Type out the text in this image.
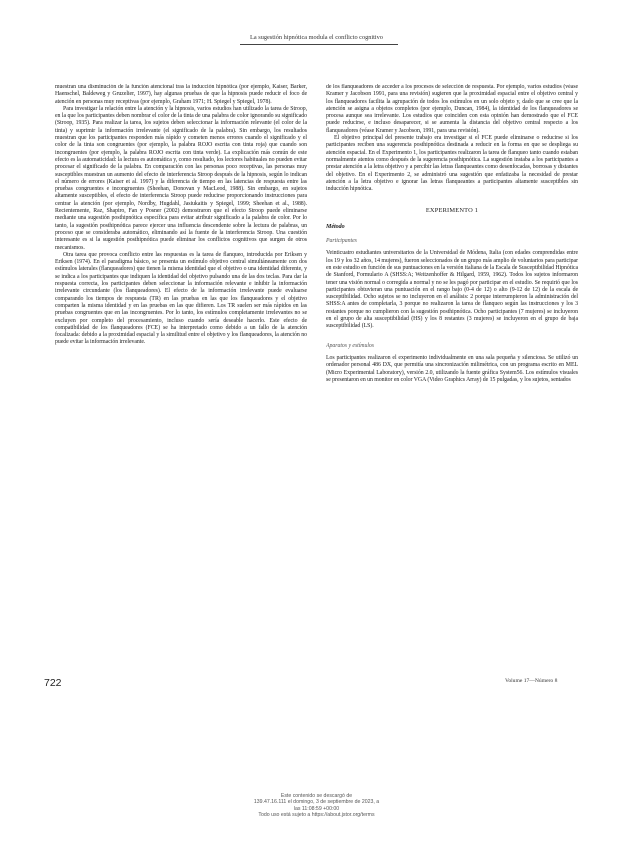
La sugestión hipnótica modula el conflicto cognitivo

muestran una disminución de la función atencional tras la inducción hipnótica (por ejemplo, Kaiser, Barker, Haenschel, Baldeweg y Gruzelier, 1997), hay algunas pruebas de que la hipnosis puede reducir el foco de atención en personas muy receptivas (por ejemplo, Graham 1971; H. Spiegel y Spiegel, 1978).

Para investigar la relación entre la atención y la hipnosis, varios estudios han utilizado la tarea de Stroop, en la que los participantes deben nombrar el color de la tinta de una palabra de color ignorando su significado (Stroop, 1935). Para realizar la tarea, los sujetos deben seleccionar la información relevante (el color de la tinta) y suprimir la información irrelevante (el significado de la palabra). Sin embargo, los resultados muestran que los participantes responden más rápido y cometen menos errores cuando el significado y el color de la tinta son congruentes (por ejemplo, la palabra ROJO escrita con tinta roja) que cuando son incongruentes (por ejemplo, la palabra ROJO escrita con tinta verde). La explicación más común de este efecto es la automaticidad: la lectura es automática y, como resultado, los lectores habituales no pueden evitar procesar el significado de la palabra. En comparación con las personas poco receptivas, las personas muy susceptibles muestran un aumento del efecto de interferencia Stroop después de la hipnosis, según lo indican el número de errores (Kaiser et al. 1997) y la diferencia de tiempo en las latencias de respuesta entre las pruebas congruentes e incongruentes (Sheehan, Donovan y MacLeod, 1988). Sin embargo, en sujetos altamente susceptibles, el efecto de interferencia Stroop puede reducirse proporcionando instrucciones para centrar la atención (por ejemplo, Nordby, Hugdahl, Jasiukaitis y Spiegel, 1999; Sheehan et al., 1988). Recientemente, Raz, Shapiro, Fan y Posner (2002) demostraron que el efecto Stroop puede eliminarse mediante una sugestión posthipnótica específica para evitar atribuir significado a la palabra de color. Por lo tanto, la sugestión posthipnótica parece ejercer una influencia descendente sobre la lectura de palabras, un proceso que se consideraba automático, eliminando así la fuente de la interferencia Stroop. Una cuestión interesante es si la sugestión posthipnótica puede eliminar los conflictos cognitivos que surgen de otros mecanismos.

Otra tarea que provoca conflicto entre las respuestas es la tarea de flanqueo, introducida por Eriksen y Eriksen (1974). En el paradigma básico, se presenta un estímulo objetivo central simultáneamente con dos estímulos laterales (flanqueadores) que tienen la misma identidad que el objetivo o una identidad diferente, y se indica a los participantes que indiquen la identidad del objetivo pulsando una de las dos teclas. Para dar la respuesta correcta, los participantes deben seleccionar la información relevante e inhibir la información irrelevante circundante (los flanqueadores). El efecto de la información irrelevante puede evaluarse comparando los tiempos de respuesta (TR) en las pruebas en las que los flanqueadores y el objetivo comparten la misma identidad y en las pruebas en las que difieren. Los TR suelen ser más rápidos en las pruebas congruentes que en las incongruentes. Por lo tanto, los estímulos completamente irrelevantes no se excluyen por completo del procesamiento, incluso cuando sería deseable hacerlo. Este efecto de compatibilidad de los flanqueadores (FCE) se ha interpretado como debido a un fallo de la atención focalizada: debido a la proximidad espacial y la similitud entre el objetivo y los flanqueadores, la atención no puede evitar la información irrelevante.

de los flanqueadores de acceder a los procesos de selección de respuesta. Por ejemplo, varios estudios (véase Kramer y Jacobson 1991, para una revisión) sugieren que la proximidad espacial entre el objetivo central y los flanqueadores facilita la agrupación de todos los estímulos en un solo objeto y, dado que se cree que la atención se asigna a objetos completos (por ejemplo, Duncan, 1984), la identidad de los flanqueadores se procesa aunque sea irrelevante. Los estudios que coinciden con esta opinión han demostrado que el FCE puede reducirse, e incluso desaparecer, si se aumenta la distancia del objetivo central respecto a los flanqueadores (véase Kramer y Jacobson, 1991, para una revisión).

El objetivo principal del presente trabajo era investigar si el FCE puede eliminarse o reducirse si los participantes reciben una sugerencia posthipnótica destinada a reducir en la forma en que se despliega su atención espacial. En el Experimento 1, los participantes realizaron la tarea de flanqueo tanto cuando estaban normalmente atentos como después de la sugerencia posthipnótica. La sugestión instaba a los participantes a prestar atención a la letra objetivo y a percibir las letras flanqueantes como desenfocadas, borrosas y distantes del objetivo. En el Experimento 2, se administró una sugestión que enfatizaba la necesidad de prestar atención a la letra objetivo e ignorar las letras flanqueantes a participantes altamente susceptibles sin inducción hipnótica.

EXPERIMENTO 1
Método
Participantes

Veinticuatro estudiantes universitarios de la Universidad de Módena, Italia (con edades comprendidas entre los 19 y los 32 años, 14 mujeres), fueron seleccionados de un grupo más amplio de voluntarios para participar en este estudio en función de sus puntuaciones en la versión italiana de la Escala de Susceptibilidad Hipnótica de Stanford, Formulario A (SHSS:A; Weitzenhoffer & Hilgard, 1959, 1962). Todos los sujetos informaron tener una visión normal o corregida a normal y no se les pagó por participar en el estudio. Se requirió que los participantes obtuvieran una puntuación en el rango bajo (0-4 de 12) o alto (9-12 de 12) de la escala de susceptibilidad. Ocho sujetos se no incluyeron en el análisis: 2 porque interrumpieron la administración del SHSS:A antes de completarla, 3 porque no realizaron la tarea de flanqueo según las instrucciones y los 3 restantes porque no cumplieron con la sugestión posthipnótica. Ocho participantes (7 mujeres) se incluyeron en el grupo de alta susceptibilidad (HS) y los 8 restantes (3 mujeres) se incluyeron en el grupo de baja susceptibilidad (LS).

Aparatos y estímulos

Los participantes realizaron el experimento individualmente en una sala pequeña y silenciosa. Se utilizó un ordenador personal 486 DX, que permitía una sincronización milimétrica, con un programa escrito en MEL (Micro Experimental Laboratory), versión 2.0, utilizando la fuente gráfica System56. Los estímulos visuales se presentaron en un monitor en color VGA (Video Graphics Array) de 15 pulgadas, y los sujetos, sentados

722	Volume 17—Número 8
Este contenido se descargó de
139.47.16.111 el domingo, 3 de septiembre de 2023, a
las 11:08:59 +00:00
Todo uso está sujeto a https://about.jstor.org/terms
